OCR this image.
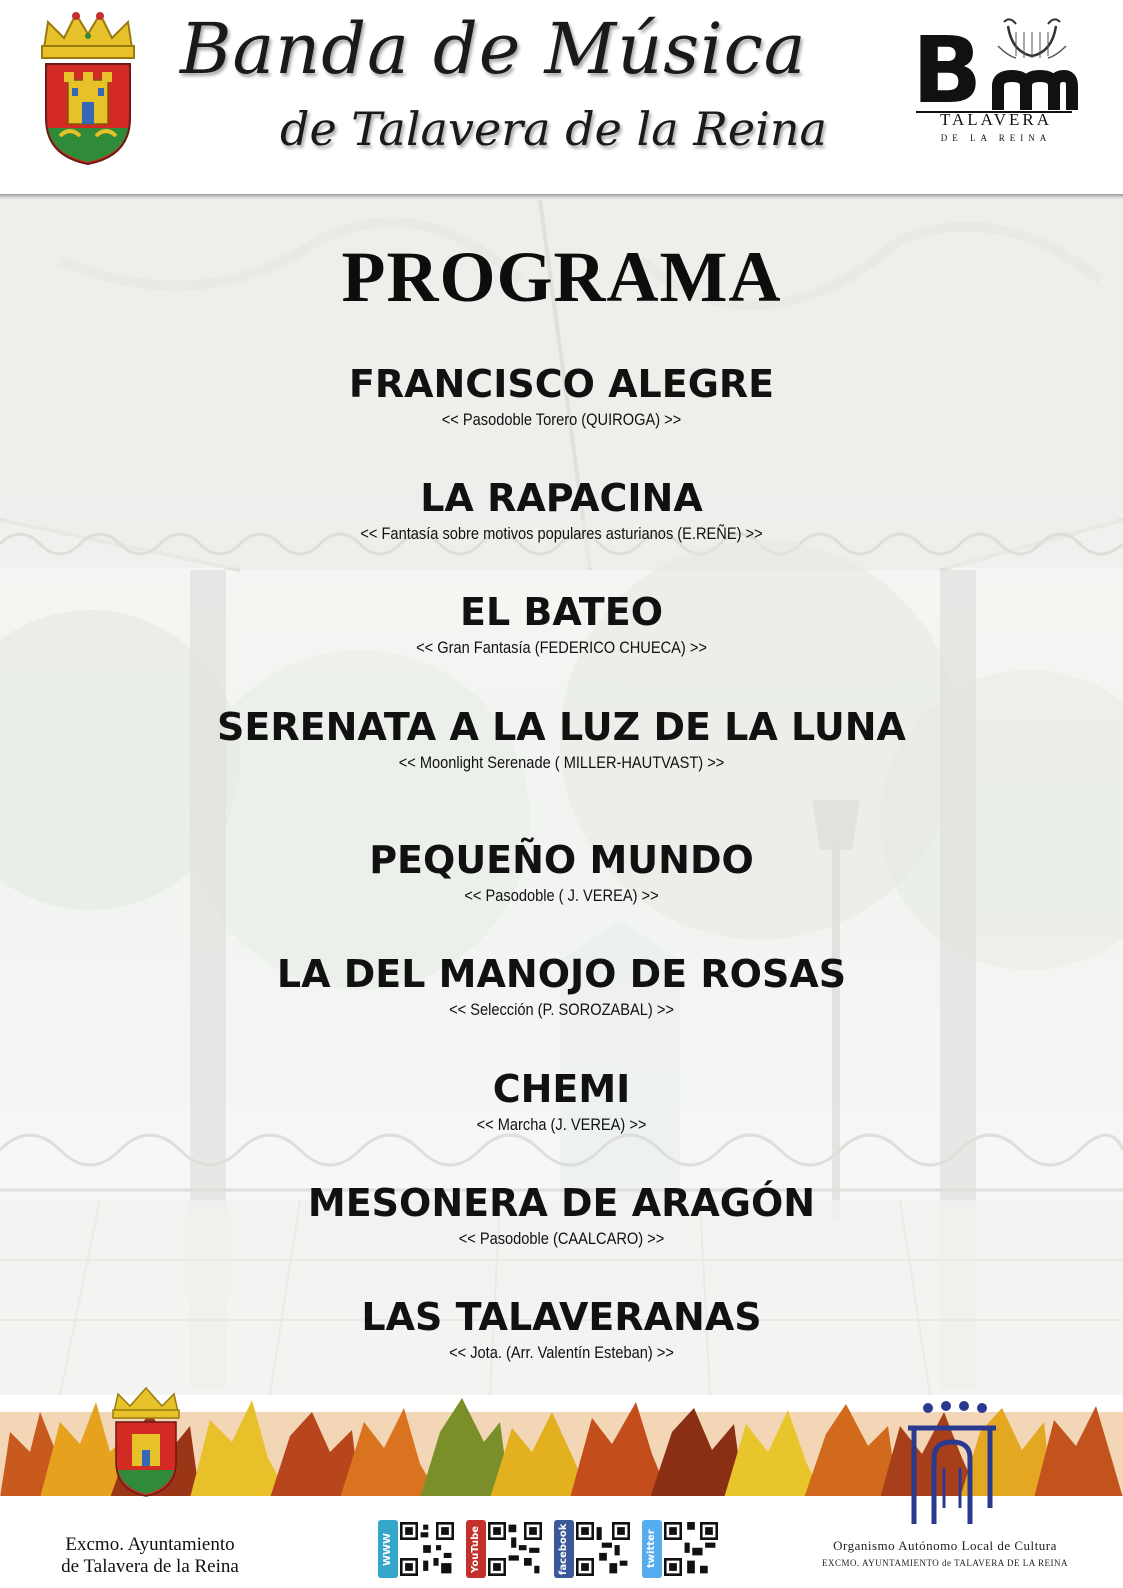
Banda de Música
de Talavera de la Reina
B
TALAVERA
DE LA REINA
PROGRAMA
FRANCISCO ALEGRE
<< Pasodoble Torero (QUIROGA) >>
LA RAPACINA
<< Fantasía sobre motivos populares asturianos (E.REÑE) >>
EL BATEO
<< Gran Fantasía (FEDERICO CHUECA) >>
SERENATA A LA LUZ DE LA LUNA
<< Moonlight Serenade ( MILLER-HAUTVAST) >>
PEQUEÑO MUNDO
<< Pasodoble ( J. VEREA) >>
LA DEL MANOJO DE ROSAS
<< Selección (P. SOROZABAL) >>
CHEMI
<< Marcha (J. VEREA) >>
MESONERA DE ARAGÓN
<< Pasodoble (CAALCARO) >>
LAS TALAVERANAS
<< Jota. (Arr. Valentín Esteban) >>
Excmo. Ayuntamiento
de Talavera de la Reina
WWW	YouTube	facebook	twitter	Organismo Autónomo Local de Cultura
EXCMO. AYUNTAMIENTO de TALAVERA DE LA REINA
